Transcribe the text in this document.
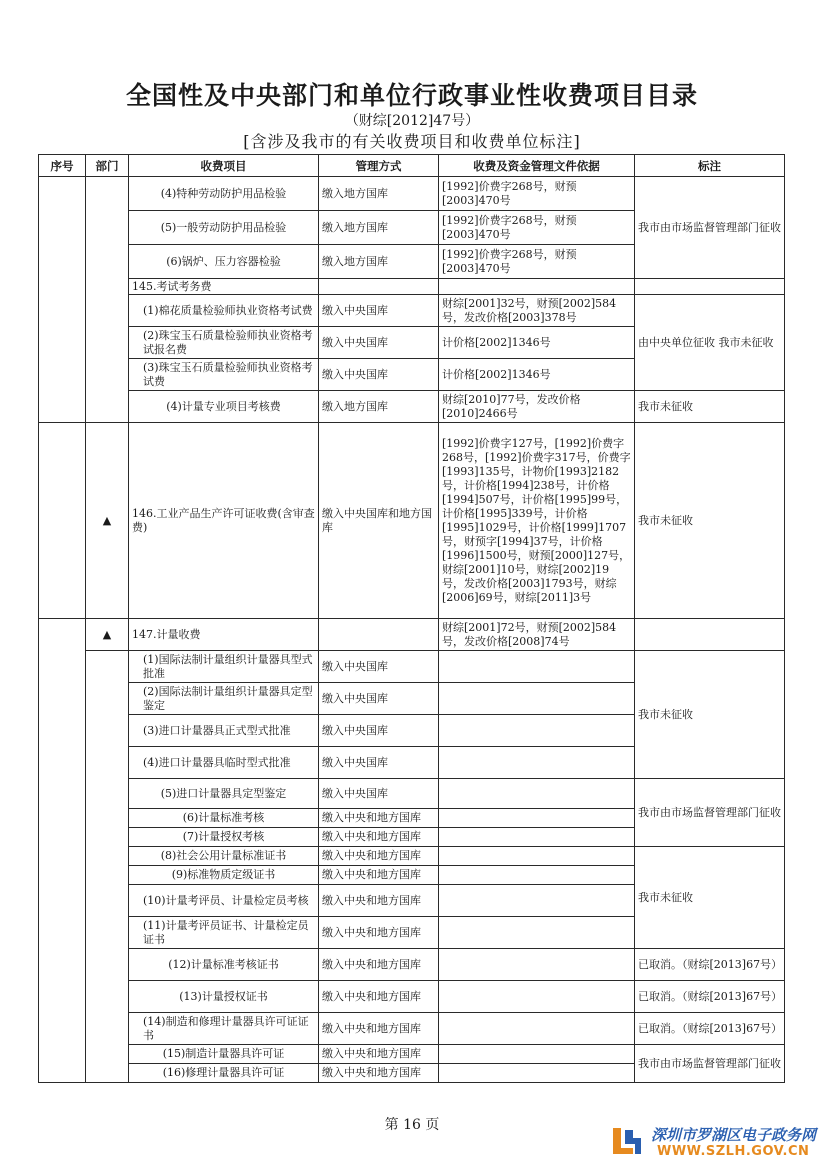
全国性及中央部门和单位行政事业性收费项目目录
（财综[2012]47号）
[含涉及我市的有关收费项目和收费单位标注]
序号	部门	收费项目	管理方式	收费及资金管理文件依据	标注
		(4)特种劳动防护用品检验	缴入地方国库	[1992]价费字268号，财预[2003]470号	我市由市场监督管理部门征收
		(5)一般劳动防护用品检验	缴入地方国库	[1992]价费字268号，财预[2003]470号	
		(6)锅炉、压力容器检验	缴入地方国库	[1992]价费字268号，财预[2003]470号	
		145.考试考务费			
		(1)棉花质量检验师执业资格考试费	缴入中央国库	财综[2001]32号，财预[2002]584号，发改价格[2003]378号	由中央单位征收 我市未征收
		(2)珠宝玉石质量检验师执业资格考试报名费	缴入中央国库	计价格[2002]1346号	
		(3)珠宝玉石质量检验师执业资格考试费	缴入中央国库	计价格[2002]1346号	
		(4)计量专业项目考核费	缴入地方国库	财综[2010]77号，发改价格[2010]2466号	我市未征收
	▲	146.工业产品生产许可证收费(含审查费)	缴入中央国库和地方国库	[1992]价费字127号，[1992]价费字268号，[1992]价费字317号，价费字[1993]135号，计物价[1993]2182号，计价格[1994]238号，计价格[1994]507号，计价格[1995]99号，计价格[1995]339号，计价格[1995]1029号，计价格[1999]1707号，财预字[1994]37号，计价格[1996]1500号，财预[2000]127号，财综[2001]10号，财综[2002]19号，发改价格[2003]1793号，财综[2006]69号，财综[2011]3号	我市未征收
	▲	147.计量收费		财综[2001]72号，财预[2002]584号，发改价格[2008]74号	
		(1)国际法制计量组织计量器具型式批准	缴入中央国库		我市未征收
		(2)国际法制计量组织计量器具定型鉴定	缴入中央国库		
		(3)进口计量器具正式型式批准	缴入中央国库		
		(4)进口计量器具临时型式批准	缴入中央国库		
		(5)进口计量器具定型鉴定	缴入中央国库		我市由市场监督管理部门征收
		(6)计量标准考核	缴入中央和地方国库		
		(7)计量授权考核	缴入中央和地方国库		
		(8)社会公用计量标准证书	缴入中央和地方国库		我市未征收
		(9)标准物质定级证书	缴入中央和地方国库		
		(10)计量考评员、计量检定员考核	缴入中央和地方国库		
		(11)计量考评员证书、计量检定员证书	缴入中央和地方国库		
		(12)计量标准考核证书	缴入中央和地方国库		已取消。（财综[2013]67号）
		(13)计量授权证书	缴入中央和地方国库		已取消。（财综[2013]67号）
		(14)制造和修理计量器具许可证证书	缴入中央和地方国库		已取消。（财综[2013]67号）
		(15)制造计量器具许可证	缴入中央和地方国库		我市由市场监督管理部门征收
		(16)修理计量器具许可证	缴入中央和地方国库		
第 16 页
深圳市罗湖区电子政务网
WWW.SZLH.GOV.CN
